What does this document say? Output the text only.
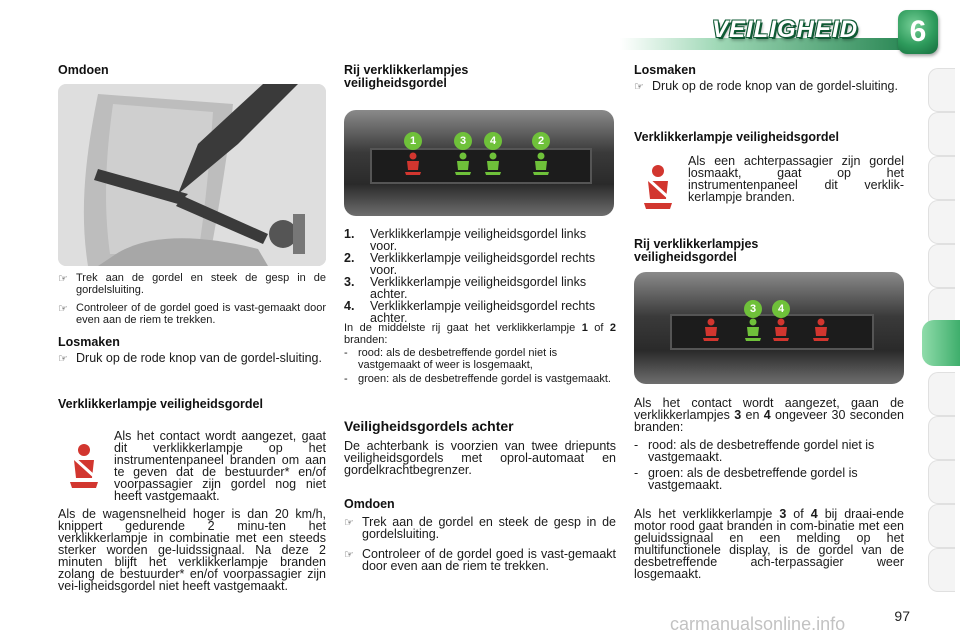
VEILIGHEID	6
Omdoen
☞ Trek aan de gordel en steek de gesp in de gordelsluiting.
☞ Controleer of de gordel goed is vast-gemaakt door even aan de riem te trekken.
Losmaken
☞ Druk op de rode knop van de gordel-sluiting.
Verklikkerlampje veiligheidsgordel
Als het contact wordt aangezet, gaat dit verklikkerlampje op het instrumentenpaneel branden om aan te geven dat de bestuurder* en/of voorpassagier zijn gordel nog niet heeft vastgemaakt.
Als de wagensnelheid hoger is dan 20 km/h, knippert gedurende 2 minu-ten het verklikkerlampje in combinatie met een steeds sterker worden ge-luidssignaal. Na deze 2 minuten blijft het verklikkerlampje branden zolang de bestuurder* en/of voorpassagier zijn vei-ligheidsgordel niet heeft vastgemaakt.
Rij verklikkerlampjes veiligheidsgordel
1	3	4	2
1.	Verklikkerlampje veiligheidsgordel links voor.
2.	Verklikkerlampje veiligheidsgordel rechts voor.
3.	Verklikkerlampje veiligheidsgordel links achter.
4.	Verklikkerlampje veiligheidsgordel rechts achter.
In de middelste rij gaat het verklikkerlampje 1 of 2 branden:
- rood: als de desbetreffende gordel niet is vastgemaakt of weer is losgemaakt,
- groen: als de desbetreffende gordel is vastgemaakt.
Veiligheidsgordels achter
De achterbank is voorzien van twee driepunts veiligheidsgordels met oprol-automaat en gordelkrachtbegrenzer.
Omdoen
☞ Trek aan de gordel en steek de gesp in de gordelsluiting.
☞ Controleer of de gordel goed is vast-gemaakt door even aan de riem te trekken.
Losmaken
☞ Druk op de rode knop van de gordel-sluiting.
Verklikkerlampje veiligheidsgordel
Als een achterpassagier zijn gordel losmaakt, gaat op het instrumentenpaneel dit verklik-kerlampje branden.
Rij verklikkerlampjes veiligheidsgordel
3	4
Als het contact wordt aangezet, gaan de verklikkerlampjes 3 en 4 ongeveer 30 seconden branden:
- rood: als de desbetreffende gordel niet is vastgemaakt.
- groen: als de desbetreffende gordel is vastgemaakt.
Als het verklikkerlampje 3 of 4 bij draai-ende motor rood gaat branden in com-binatie met een geluidssignaal en een melding op het multifunctionele display, is de gordel van de desbetreffende ach-terpassagier weer losgemaakt.
97
carmanualsonline.info
